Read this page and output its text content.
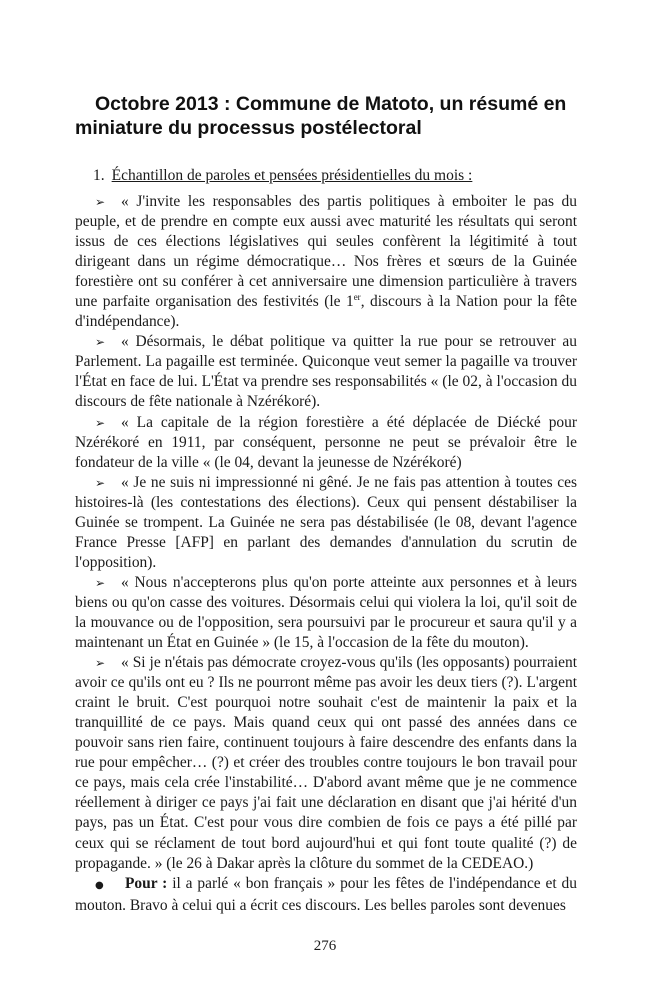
Octobre 2013 : Commune de Matoto, un résumé en miniature du processus postélectoral
1. Échantillon de paroles et pensées présidentielles du mois :

➢ « J'invite les responsables des partis politiques à emboiter le pas du peuple, et de prendre en compte eux aussi avec maturité les résultats qui seront issus de ces élections législatives qui seules confèrent la légitimité à tout dirigeant dans un régime démocratique… Nos frères et sœurs de la Guinée forestière ont su conférer à cet anniversaire une dimension particulière à travers une parfaite organisation des festivités (le 1er, discours à la Nation pour la fête d'indépendance).

➢ « Désormais, le débat politique va quitter la rue pour se retrouver au Parlement. La pagaille est terminée. Quiconque veut semer la pagaille va trouver l'État en face de lui. L'État va prendre ses responsabilités « (le 02, à l'occasion du discours de fête nationale à Nzérékoré).

➢ « La capitale de la région forestière a été déplacée de Diécké pour Nzérékoré en 1911, par conséquent, personne ne peut se prévaloir être le fondateur de la ville « (le 04, devant la jeunesse de Nzérékoré)

➢ « Je ne suis ni impressionné ni gêné. Je ne fais pas attention à toutes ces histoires-là (les contestations des élections). Ceux qui pensent déstabiliser la Guinée se trompent. La Guinée ne sera pas déstabilisée (le 08, devant l'agence France Presse [AFP] en parlant des demandes d'annulation du scrutin de l'opposition).

➢ « Nous n'accepterons plus qu'on porte atteinte aux personnes et à leurs biens ou qu'on casse des voitures. Désormais celui qui violera la loi, qu'il soit de la mouvance ou de l'opposition, sera poursuivi par le procureur et saura qu'il y a maintenant un État en Guinée » (le 15, à l'occasion de la fête du mouton).

➢ « Si je n'étais pas démocrate croyez-vous qu'ils (les opposants) pourraient avoir ce qu'ils ont eu ? Ils ne pourront même pas avoir les deux tiers (?). L'argent craint le bruit. C'est pourquoi notre souhait c'est de maintenir la paix et la tranquillité de ce pays. Mais quand ceux qui ont passé des années dans ce pouvoir sans rien faire, continuent toujours à faire descendre des enfants dans la rue pour empêcher… (?) et créer des troubles contre toujours le bon travail pour ce pays, mais cela crée l'instabilité… D'abord avant même que je ne commence réellement à diriger ce pays j'ai fait une déclaration en disant que j'ai hérité d'un pays, pas un État. C'est pour vous dire combien de fois ce pays a été pillé par ceux qui se réclament de tout bord aujourd'hui et qui font toute qualité (?) de propagande. » (le 26 à Dakar après la clôture du sommet de la CEDEAO.)

● Pour : il a parlé « bon français » pour les fêtes de l'indépendance et du mouton. Bravo à celui qui a écrit ces discours. Les belles paroles sont devenues

276
